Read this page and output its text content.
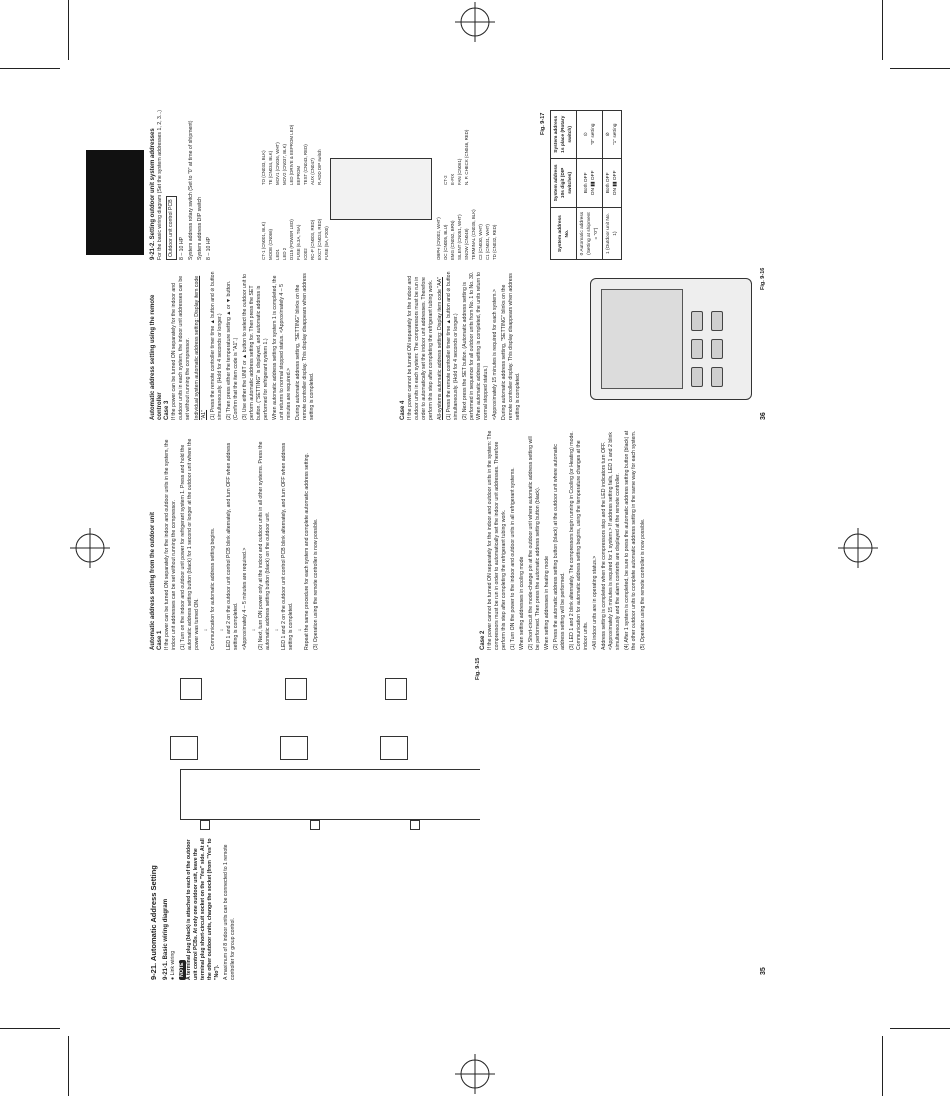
9-21. Automatic Address Setting 9-21-1. Basic wiring diagram ● Link wiring NOTE A terminal plug (black) is attached to each of the outdoor unit control PCBs. At only one outdoor unit, leave the terminal plug short-circuit socket on the "Yes" side. At all the other outdoor units, change the socket (from "Yes" to "No"). A maximum of 8 indoor units can be connected to 1 remote controller for group control.
Fig. 9-15
35
Automatic address setting from the outdoor unit Case 1 If the power can be turned ON separately for the indoor and outdoor units in the system, the indoor unit addresses can be set without running the compressor. (1) Turn on the indoor and outdoor unit power for refrigerant system 1. Press and hold the automatic address setting button (black) for 1 second or longer at the outdoor unit where the power was turned ON. ↓ Communication for automatic address setting begins. ↓ LED 1 and 2 on the outdoor unit control PCB blink alternately, and turn OFF when address setting is completed. <Approximately 4 – 5 minutes are required.> ↓ (2) Next, turn ON power only at the indoor and outdoor units in all other systems. Press the automatic address setting button (black) on the outdoor unit. ↓ LED 1 and 2 on the outdoor unit control PCB blink alternately, and turn OFF when address setting is completed. ↓ Repeat the same procedure for each system and complete automatic address setting. (3) Operation using the remote controller is now possible.	Case 2 If the power cannot be turned ON separately for the indoor and outdoor units in the system: The compressors must be run in order to automatically set the indoor unit addresses. Therefore perform this step after completing the refrigerant tubing work. (1) Turn ON the power to the indoor and outdoor units in all refrigerant systems. When setting addresses in cooling mode (2) Short-circuit the mode-change pin at the outdoor unit where automatic address setting will be performed. Then press the automatic address setting button (black). When setting addresses in heating mode (2) Press the automatic address setting button (black) at the outdoor unit where automatic address setting will be performed. (3) LED 1 and 2 blink alternately. The compressors begin running in Cooling (or Heating) mode. Communication for automatic address setting begins, using the temperature changes at the indoor units. <All indoor units are in operating status.> Address setting is completed when the compressors stop and the LED indicators turn OFF. <Approximately 15 minutes is required for 1 system.> If address setting fails, LED 1 and 2 blink simultaneously and the alarm contents are displayed at the remote controller. (4) After 1 system is completed, be sure to press the automatic address setting button (black) at the other outdoor units to complete automatic address setting in the same way for each system. (5) Operation using the remote controller is now possible.
Automatic address setting using the remote controller Case 3 If the power can be turned ON separately for the indoor and outdoor units in each system, the indoor unit addresses can be set without running the compressor. Individual system automatic address setting: Display item code "A1" (1) Press the remote controller timer time ▲ button and ⊘ button simultaneously. (Hold for 4 seconds or longer.) (2) Then press either the temperature setting ▲ or ▼ button. (Confirm that the item code is "A1".) (3) Use either the UNIT or ▲ button to select the outdoor unit to perform automatic address setting for. Then press the SET button. ("SETTING" is displayed, and automatic address is performed for refrigerant system 1.) When automatic address setting for system 1 is completed, the unit returns to normal stopped status. <Approximately 4 – 5 minutes are required.> During automatic address setting, "SETTING" blinks on the remote controller display. This display disappears when address setting is completed.	Case 4 If the power cannot be turned ON separately for the indoor and outdoor units in each system: The compressors must be run in order to automatically set the indoor unit addresses. Therefore perform this step after completing the refrigerant tubing work. All-systems automatic address setting: Display item code "AA" (1) Press the remote controller timer time ▲ button and ⊘ button simultaneously. (Hold for 4 seconds or longer.) (2) Next press the SET button. (Automatic address setting is performed in sequence for all outdoor units from No. 1 to No. 30. When automatic address setting is completed, the units return to normal stopped status.) <Approximately 15 minutes is required for each system.> During automatic address setting, "SETTING" blinks on the remote controller display. This display disappears when address setting is completed.
Fig. 9-16
36
9-21-2. Setting outdoor unit system addresses For the basic wiring diagram (Set the system addresses 1, 2, 3...) Outdoor unit control PCB 8 – 10 HP System address rotary switch (Set to "0" at time of shipment) System address DIP switch 8 – 10 HP	CT-1 (CN001, BLK) MODE (CN066) LED1 LED 2 D115 (POWER LED) FUSE (6.3A, T6A) IC002 RC-P (CN003, RED) EXCT (CN024, RED) FUSE (5A, F200)	OBPH (CN002, WHT) OC (CN005, BLU) EMG (CN052, BRN) SILENT (CN051, WHT) SNOW (CN048) TERMINAL (CN035, BLK) C2 (CN030, WHT) C1 (CN031, WHT) TD (CN032, RED)
TO (CN033, BLK) TE (CN034, BLK) MOV1 (CN036, WHT) MOV2 (CN037, BLK) LED (DRIVE & EEPROM LED) EEPROM TEST (CN043, RED) AUX (CN047) R.ADD DIP switch	CT-2 E-FIX FAN (CN061) N. P. CHECK (CN046, RED)
System address No.	System address 10s digit (DIP switches)	System address 1s place (Rotary switch)
0 Automatic address (Setting at shipment = "0")	Both OFF ON ▮▮ OFF	⊙ "0" setting
1 (Outdoor unit No. 1)	Both OFF ON ▮▮ OFF	⊘ "1" setting
Fig. 9-17
